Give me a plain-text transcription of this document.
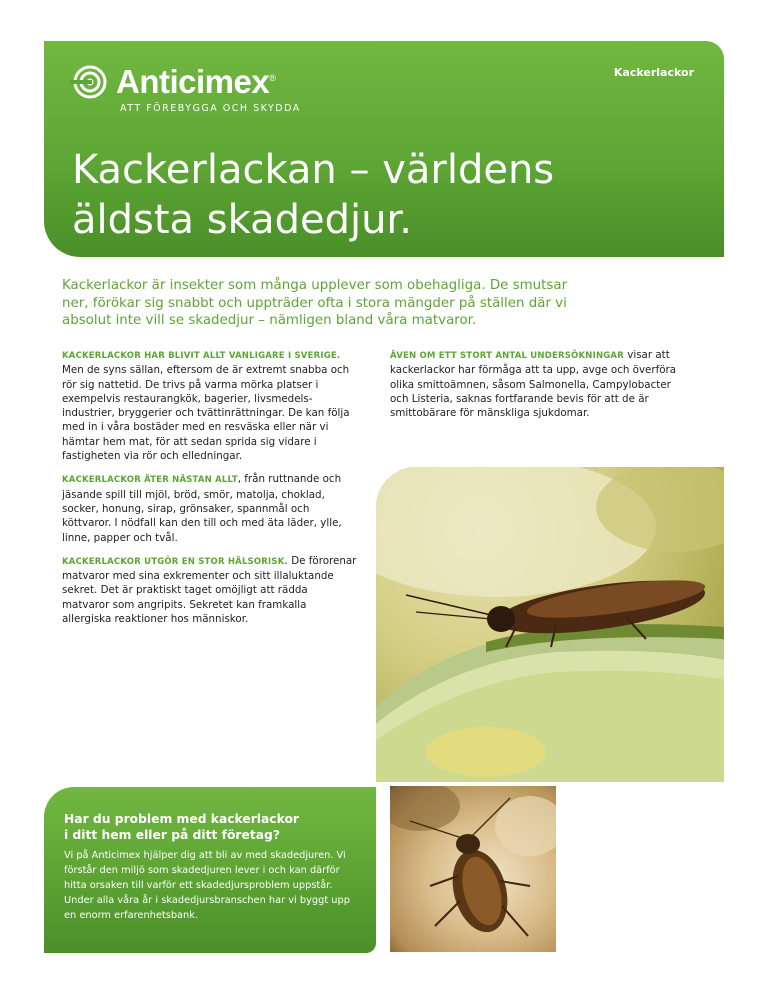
Anticimex®
ATT FÖREBYGGA OCH SKYDDA
Kackerlackor
Kackerlackan – världens
äldsta skadedjur.

Kackerlackor är insekter som många upplever som obehagliga. De smutsar ner, förökar sig snabbt och uppträder ofta i stora mängder på ställen där vi absolut inte vill se skadedjur – nämligen bland våra matvaror.

KACKERLACKOR HAR BLIVIT ALLT VANLIGARE I SVERIGE.
Men de syns sällan, eftersom de är extremt snabba och rör sig nattetid. De trivs på varma mörka platser i exempelvis restaurangkök, bagerier, livsmedels-industrier, bryggerier och tvättinrättningar. De kan följa med in i våra bostäder med en resväska eller när vi hämtar hem mat, för att sedan sprida sig vidare i fastigheten via rör och elledningar.

KACKERLACKOR ÄTER NÄSTAN ALLT, från ruttnande och jäsande spill till mjöl, bröd, smör, matolja, choklad, socker, honung, sirap, grönsaker, spannmål och köttvaror. I nödfall kan den till och med äta läder, ylle, linne, papper och tvål.

KACKERLACKOR UTGÖR EN STOR HÄLSORISK. De förorenar matvaror med sina exkrementer och sitt illaluktande sekret. Det är praktiskt taget omöjligt att rädda matvaror som angripits. Sekretet kan framkalla allergiska reaktioner hos människor.

ÄVEN OM ETT STORT ANTAL UNDERSÖKNINGAR visar att kackerlackor har förmåga att ta upp, avge och överföra olika smittoämnen, såsom Salmonella, Campylobacter och Listeria, saknas fortfarande bevis för att de är smittobärare för mänskliga sjukdomar.

Har du problem med kackerlackor
i ditt hem eller på ditt företag?

Vi på Anticimex hjälper dig att bli av med skadedjuren. Vi förstår den miljö som skadedjuren lever i och kan därför hitta orsaken till varför ett skadedjursproblem uppstår. Under alla våra år i skadedjursbranschen har vi byggt upp en enorm erfarenhetsbank.
